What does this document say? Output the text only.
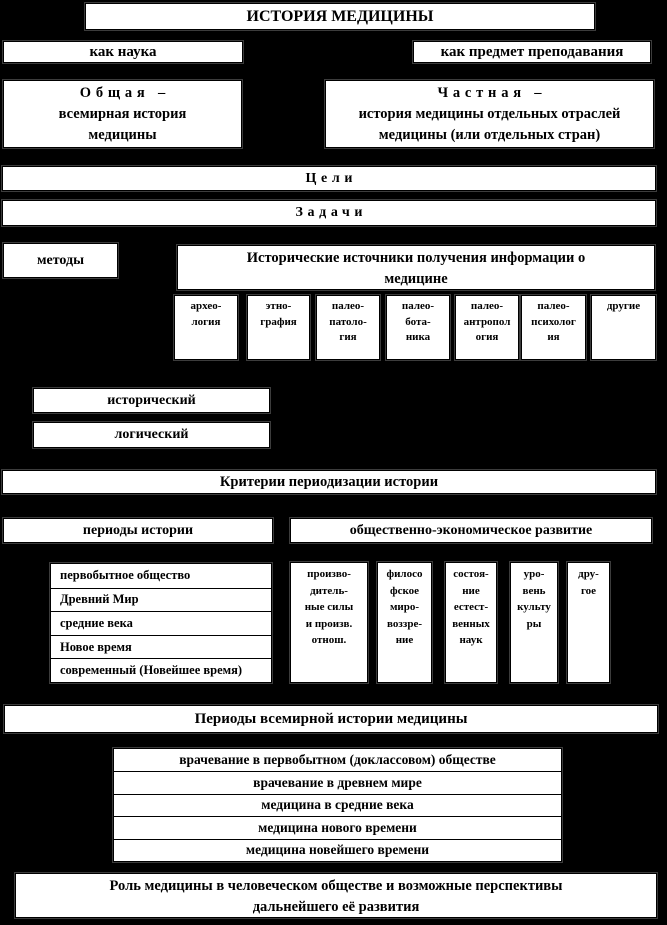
ИСТОРИЯ МЕДИЦИНЫ
как наука	как предмет преподавания
Общая –
всемирная история
медицины
Частная –
история медицины отдельных отраслей
медицины (или отдельных стран)
Цели
Задачи
методы	Исторические источники получения информации о
медицине
архео-
логия
этно-
графия
палео-
патоло-
гия
палео-
бота-
ника
палео-
антропол
огия
палео-
психолог
ия
другие
исторический
логический
Критерии периодизации истории
периоды истории	общественно-экономическое развитие
первобытное общество
Древний Мир
средние века
Новое время
современный (Новейшее время)
произво-
дитель-
ные силы
и произв.
отнош.
филосо
фское
миро-
воззре-
ние
состоя-
ние
естест-
венных
наук
уро-
вень
культу
ры
дру-
гое
Периоды всемирной истории медицины
врачевание в первобытном (доклассовом) обществе
врачевание в древнем мире
медицина в средние века
медицина нового времени
медицина новейшего времени
Роль медицины в человеческом обществе и возможные перспективы
дальнейшего её развития
